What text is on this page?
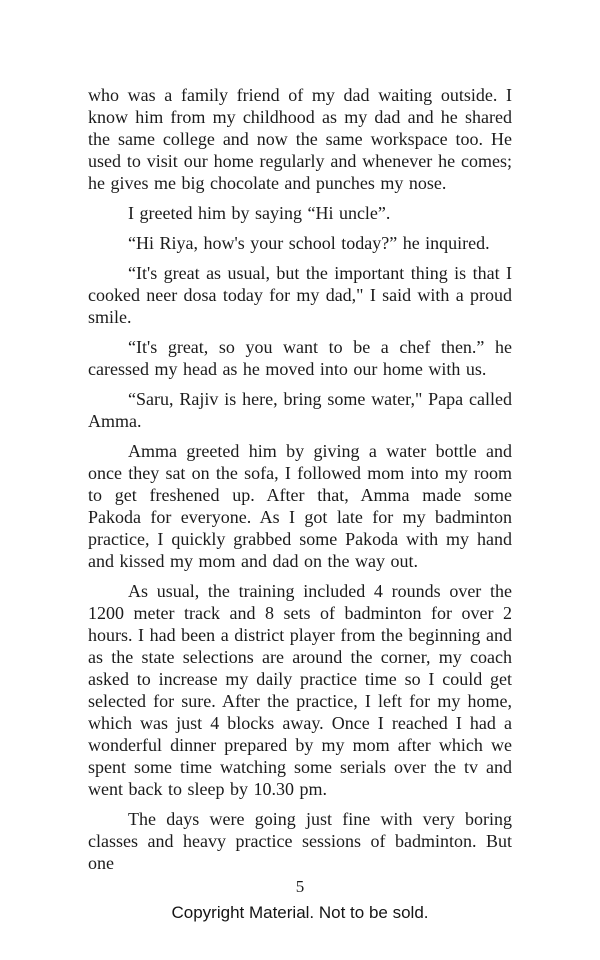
who was a family friend of my dad waiting outside. I know him from my childhood as my dad and he shared the same college and now the same workspace too. He used to visit our home regularly and whenever he comes; he gives me big chocolate and punches my nose.

I greeted him by saying “Hi uncle”.

“Hi Riya, how's your school today?” he inquired.

“It's great as usual, but the important thing is that I cooked neer dosa today for my dad," I said with a proud smile.

“It's great, so you want to be a chef then.” he caressed my head as he moved into our home with us.

“Saru, Rajiv is here, bring some water," Papa called Amma.

Amma greeted him by giving a water bottle and once they sat on the sofa, I followed mom into my room to get freshened up. After that, Amma made some Pakoda for everyone. As I got late for my badminton practice, I quickly grabbed some Pakoda with my hand and kissed my mom and dad on the way out.

As usual, the training included 4 rounds over the 1200 meter track and 8 sets of badminton for over 2 hours. I had been a district player from the beginning and as the state selections are around the corner, my coach asked to increase my daily practice time so I could get selected for sure. After the practice, I left for my home, which was just 4 blocks away. Once I reached I had a wonderful dinner prepared by my mom after which we spent some time watching some serials over the tv and went back to sleep by 10.30 pm.

The days were going just fine with very boring classes and heavy practice sessions of badminton. But one

5
Copyright Material. Not to be sold.
